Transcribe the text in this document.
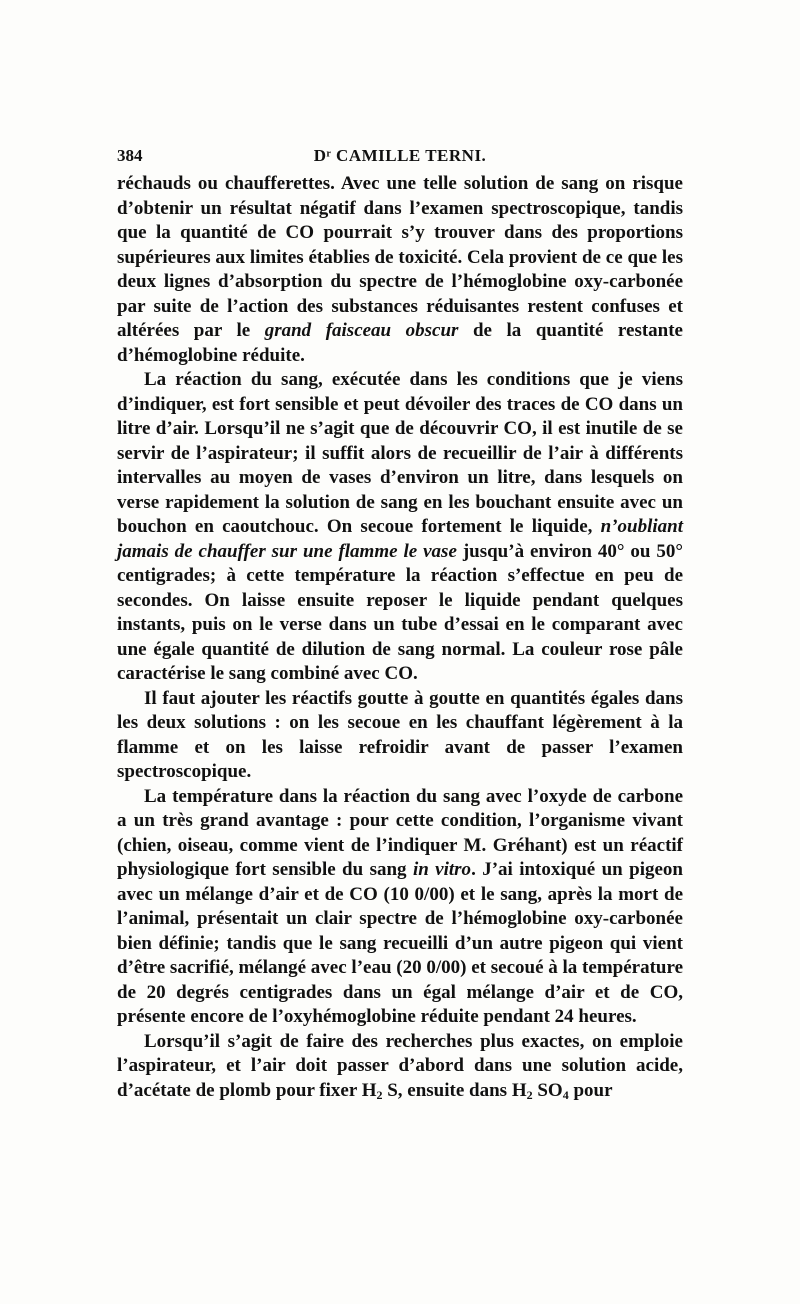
384	Dʳ CAMILLE TERNI.

réchauds ou chaufferettes. Avec une telle solution de sang on risque d’obtenir un résultat négatif dans l’examen spectroscopique, tandis que la quantité de CO pourrait s’y trouver dans des proportions supérieures aux limites établies de toxicité. Cela provient de ce que les deux lignes d’absorption du spectre de l’hémoglobine oxy-carbonée par suite de l’action des substances réduisantes restent confuses et altérées par le grand faisceau obscur de la quantité restante d’hémoglobine réduite.

La réaction du sang, exécutée dans les conditions que je viens d’indiquer, est fort sensible et peut dévoiler des traces de CO dans un litre d’air. Lorsqu’il ne s’agit que de découvrir CO, il est inutile de se servir de l’aspirateur; il suffit alors de recueillir de l’air à différents intervalles au moyen de vases d’environ un litre, dans lesquels on verse rapidement la solution de sang en les bouchant ensuite avec un bouchon en caoutchouc. On secoue fortement le liquide, n’oubliant jamais de chauffer sur une flamme le vase jusqu’à environ 40° ou 50° centigrades; à cette température la réaction s’effectue en peu de secondes. On laisse ensuite reposer le liquide pendant quelques instants, puis on le verse dans un tube d’essai en le comparant avec une égale quantité de dilution de sang normal. La couleur rose pâle caractérise le sang combiné avec CO.

Il faut ajouter les réactifs goutte à goutte en quantités égales dans les deux solutions : on les secoue en les chauffant légèrement à la flamme et on les laisse refroidir avant de passer l’examen spectroscopique.

La température dans la réaction du sang avec l’oxyde de carbone a un très grand avantage : pour cette condition, l’organisme vivant (chien, oiseau, comme vient de l’indiquer M. Gréhant) est un réactif physiologique fort sensible du sang in vitro. J’ai intoxiqué un pigeon avec un mélange d’air et de CO (10 0/00) et le sang, après la mort de l’animal, présentait un clair spectre de l’hémoglobine oxy-carbonée bien définie; tandis que le sang recueilli d’un autre pigeon qui vient d’être sacrifié, mélangé avec l’eau (20 0/00) et secoué à la température de 20 degrés centigrades dans un égal mélange d’air et de CO, présente encore de l’oxyhémoglobine réduite pendant 24 heures.

Lorsqu’il s’agit de faire des recherches plus exactes, on emploie l’aspirateur, et l’air doit passer d’abord dans une solution acide, d’acétate de plomb pour fixer $H_2$ S, ensuite dans $H_2$ $SO_4$ pour
